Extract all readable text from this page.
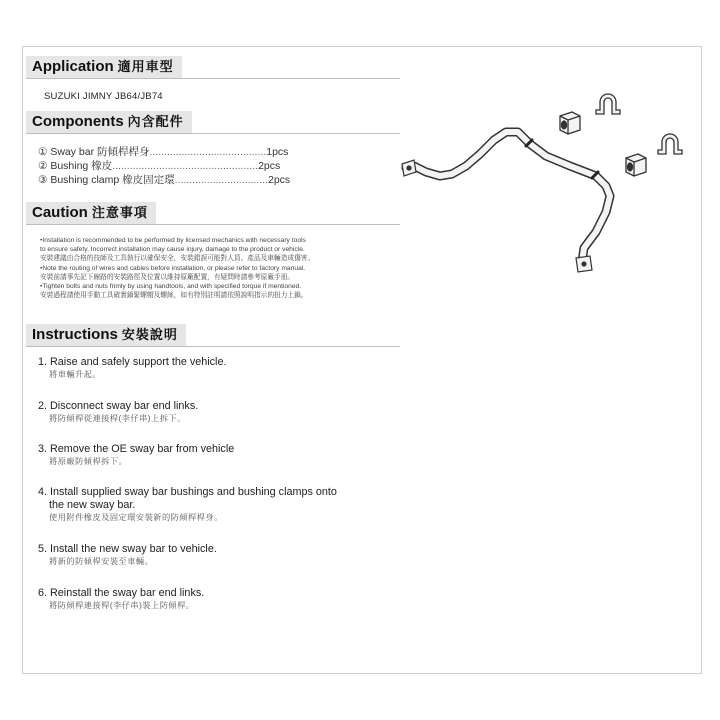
Application 適用車型
SUZUKI JIMNY JB64/JB74
Components 內含配件
① Sway bar 防傾桿桿身 ........................................ 1pcs
② Bushing 橡皮 .................................................. 2pcs
③ Bushing clamp 橡皮固定環 ................................ 2pcs
Caution 注意事項

•Installation is recommended to be performed by licensed mechanics with necessary tools

to ensure safety. Incorrect installation may cause injury, damage to the product or vehicle.

安裝建議由合格的技師及工具執行以確保安全，安裝錯誤可能對人員、產品及車輛造成傷害。

•Note the routing of wires and cables before installation, or please refer to factory manual.

安裝前請事先記下線路的安裝路徑及位置以維持原廠配置，有疑問時請參考原廠手冊。

•Tighten bolts and nuts frimly by using handtools, and with specified torque if mentioned.

安裝過程請使用手動工具確實鎖緊螺帽及螺絲，如有特別註明請依照說明指示的扭力上鎖。

Instructions 安裝說明
1. Raise and safely support the vehicle.
將車輛升起。
2. Disconnect sway bar end links.
將防傾桿從連接桿(李仔串)上拆下。
3. Remove the OE sway bar from vehicle
將原廠防傾桿拆下。
4. Install supplied sway bar bushings and bushing clamps onto
the new sway bar.
使用附件橡皮及固定環安裝新的防傾桿桿身。
5. Install the new sway bar to vehicle.
將新的防傾桿安裝至車輛。
6. Reinstall the sway bar end links.
將防傾桿連接桿(李仔串)裝上防傾桿。
